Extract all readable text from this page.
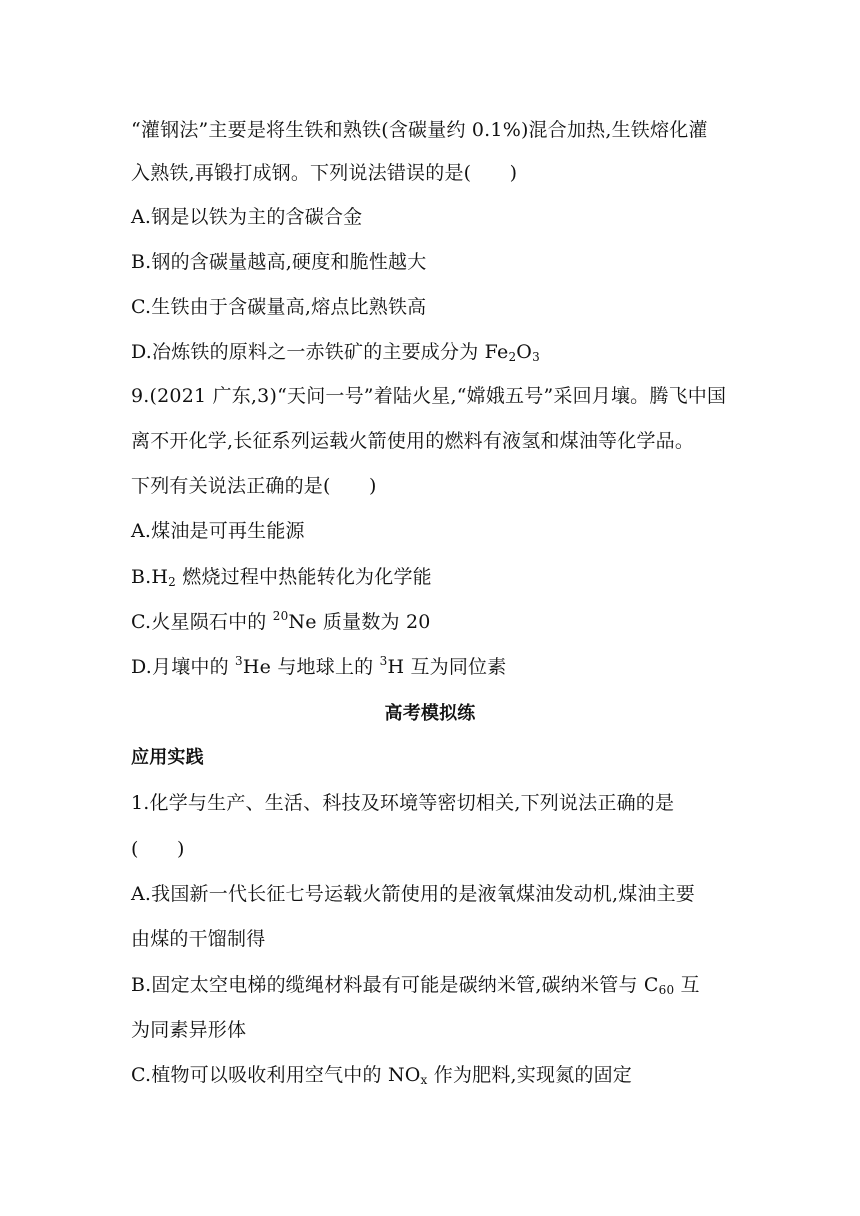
“灌钢法”主要是将生铁和熟铁(含碳量约 0.1%)混合加热,生铁熔化灌
入熟铁,再锻打成钢。下列说法错误的是(　　)
A.钢是以铁为主的含碳合金
B.钢的含碳量越高,硬度和脆性越大
C.生铁由于含碳量高,熔点比熟铁高
D.冶炼铁的原料之一赤铁矿的主要成分为 $Fe_2O_3$
9.(2021 广东,3)“天问一号”着陆火星,“嫦娥五号”采回月壤。腾飞中国
离不开化学,长征系列运载火箭使用的燃料有液氢和煤油等化学品。
下列有关说法正确的是(　　)
A.煤油是可再生能源
$B.H_2$ 燃烧过程中热能转化为化学能
C.火星陨石中的 $^{20}$Ne 质量数为 20
D.月壤中的 $^3$He 与地球上的 $^3$H 互为同位素
高考模拟练
应用实践
1.化学与生产、生活、科技及环境等密切相关,下列说法正确的是
(　　)
A.我国新一代长征七号运载火箭使用的是液氧煤油发动机,煤油主要
由煤的干馏制得
B.固定太空电梯的缆绳材料最有可能是碳纳米管,碳纳米管与 $C_{60}$ 互
为同素异形体
C.植物可以吸收利用空气中的 $NO_x$ 作为肥料,实现氮的固定
